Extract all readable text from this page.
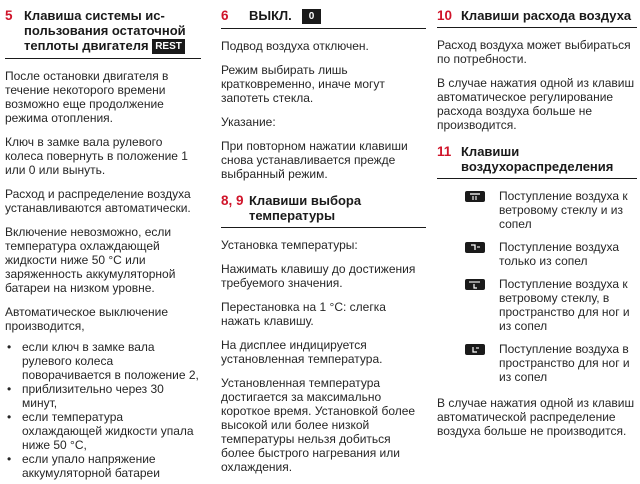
5 Клавиша системы ис-
пользования остаточной
теплоты двигателя REST

После остановки двигателя в течение некоторого времени возможно еще продолжение режима отопления.

Ключ в замке вала рулевого колеса повернуть в положение 1 или 0 или вынуть.

Расход и распределение воздуха устанавливаются автоматически.

Включение невозможно, если температура охлаждающей жидкости ниже 50 °C или заряженность аккумуляторной батареи на низком уровне.

Автоматическое выключение производится,

• если ключ в замке вала рулевого колеса поворачивается в положение 2,
• приблизительно через 30 минут,
• если температура охлаждающей жидкости упала ниже 50 °C,
• если упало напряжение аккумуляторной батареи
6	ВЫКЛ. 0

Подвод воздуха отключен.

Режим выбирать лишь кратковременно, иначе могут запотеть стекла.

Указание:

При повторном нажатии клавиши снова устанавливается прежде выбранный режим.

8, 9 Клавиши выбора температуры

Установка температуры:

Нажимать клавишу до достижения требуемого значения.

Перестановка на 1 °C: слегка нажать клавишу.

На дисплее индицируется установленная температура.

Установленная температура достигается за максимально короткое время. Установкой более высокой или более низкой температуры нельзя добиться более быстрого нагревания или охлаждения.

10 Клавиши расхода воздуха

Расход воздуха может выбираться по потребности.

В случае нажатия одной из клавиш автоматическое регулирование расхода воздуха больше не производится.

11 Клавиши воздухораспределения
Поступление воздуха к ветровому стеклу и из сопел
Поступление воздуха только из сопел
Поступление воздуха к ветровому стеклу, в пространство для ног и из сопел
Поступление воздуха в пространство для ног и из сопел

В случае нажатия одной из клавиш автоматической распределение воздуха больше не производится.
